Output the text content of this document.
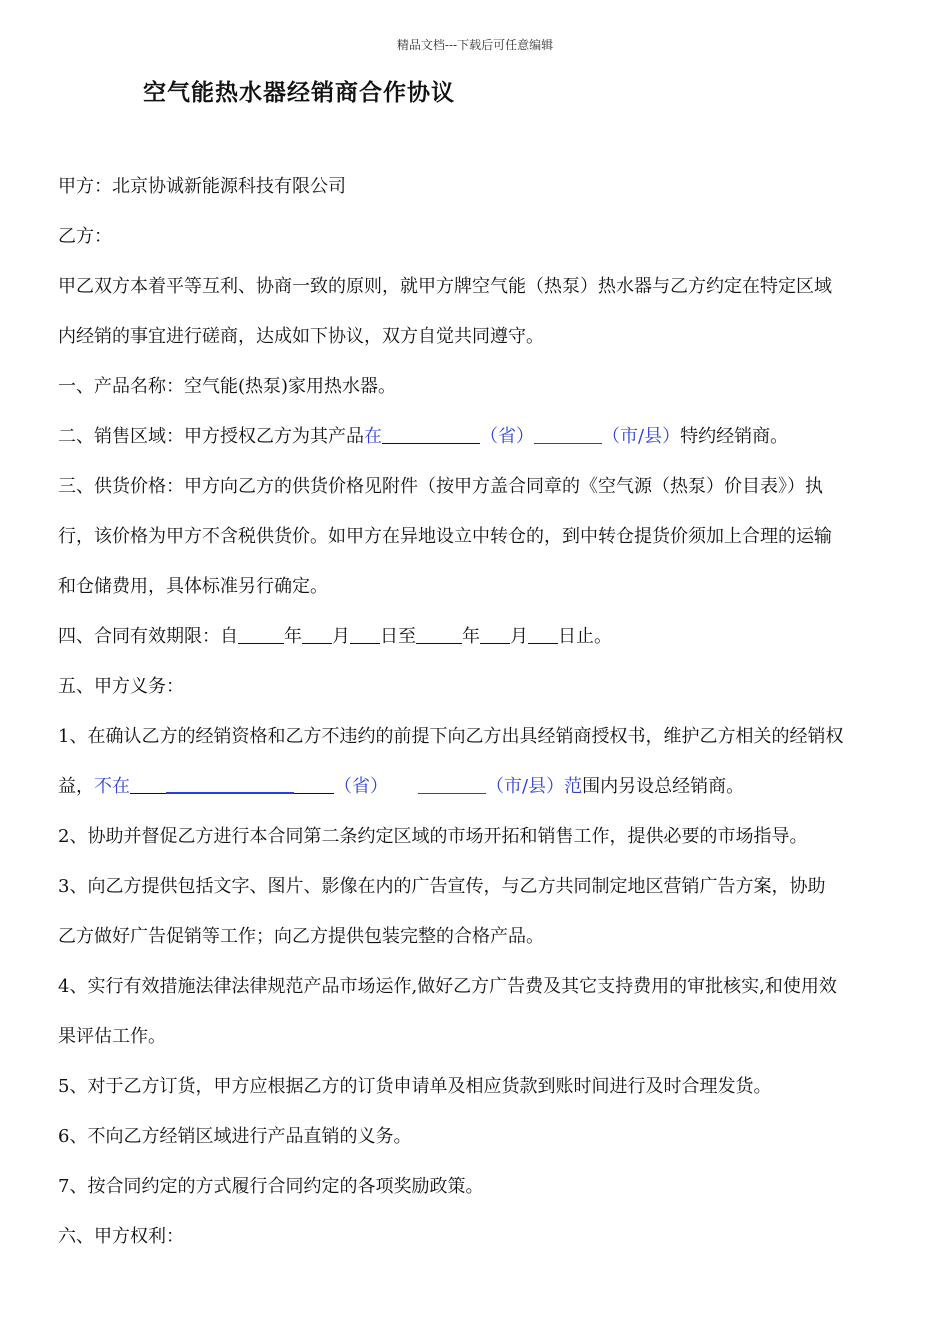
精品文档---下载后可任意编辑
空气能热水器经销商合作协议
甲方：北京协诚新能源科技有限公司
乙方：
甲乙双方本着平等互利、协商一致的原则，就甲方牌空气能（热泵）热水器与乙方约定在特定区域
内经销的事宜进行磋商，达成如下协议，双方自觉共同遵守。
一、产品名称：空气能(热泵)家用热水器。
二、销售区域：甲方授权乙方为其产品在	（省）	（市/县）特约经销商。
三、供货价格：甲方向乙方的供货价格见附件（按甲方盖合同章的《空气源（热泵）价目表》）执
行，该价格为甲方不含税供货价。如甲方在异地设立中转仓的，到中转仓提货价须加上合理的运输
和仓储费用，具体标准另行确定。
四、合同有效期限：自	年 月 日至	年 月 日止。
五、甲方义务：
1、在确认乙方的经销资格和乙方不违约的前提下向乙方出具经销商授权书，维护乙方相关的经销权
益，不在	（省）	（市/县）范围内另设总经销商。
2、协助并督促乙方进行本合同第二条约定区域的市场开拓和销售工作，提供必要的市场指导。
3、向乙方提供包括文字、图片、影像在内的广告宣传，与乙方共同制定地区营销广告方案，协助
乙方做好广告促销等工作；向乙方提供包装完整的合格产品。
4、实行有效措施法律法律规范产品市场运作,做好乙方广告费及其它支持费用的审批核实,和使用效
果评估工作。
5、对于乙方订货，甲方应根据乙方的订货申请单及相应货款到账时间进行及时合理发货。
6、不向乙方经销区域进行产品直销的义务。
7、按合同约定的方式履行合同约定的各项奖励政策。
六、甲方权利：
